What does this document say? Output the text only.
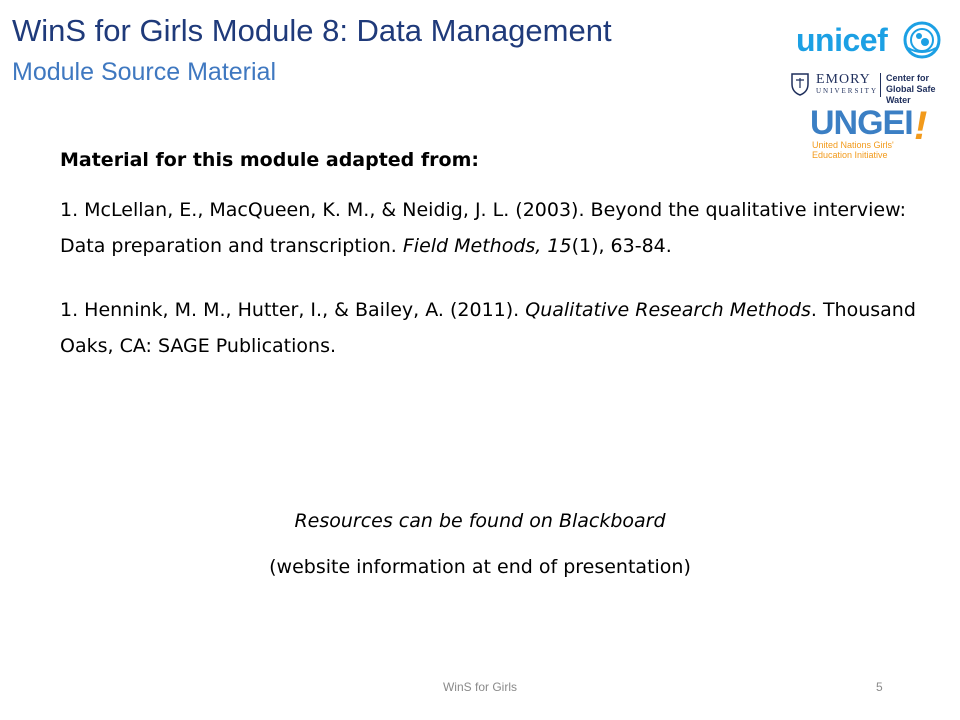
WinS for Girls Module 8: Data Management
Module Source Material
unicef
EMORY
UNIVERSITY
Center for
Global Safe Water
UNGEI !
United Nations Girls'
Education Initiative
Material for this module adapted from:
1. McLellan, E., MacQueen, K. M., & Neidig, J. L. (2003). Beyond the qualitative interview: Data preparation and transcription. Field Methods, 15(1), 63-84.
1. Hennink, M. M., Hutter, I., & Bailey, A. (2011). Qualitative Research Methods. Thousand Oaks, CA: SAGE Publications.
Resources can be found on Blackboard
(website information at end of presentation)
WinS for Girls	5
